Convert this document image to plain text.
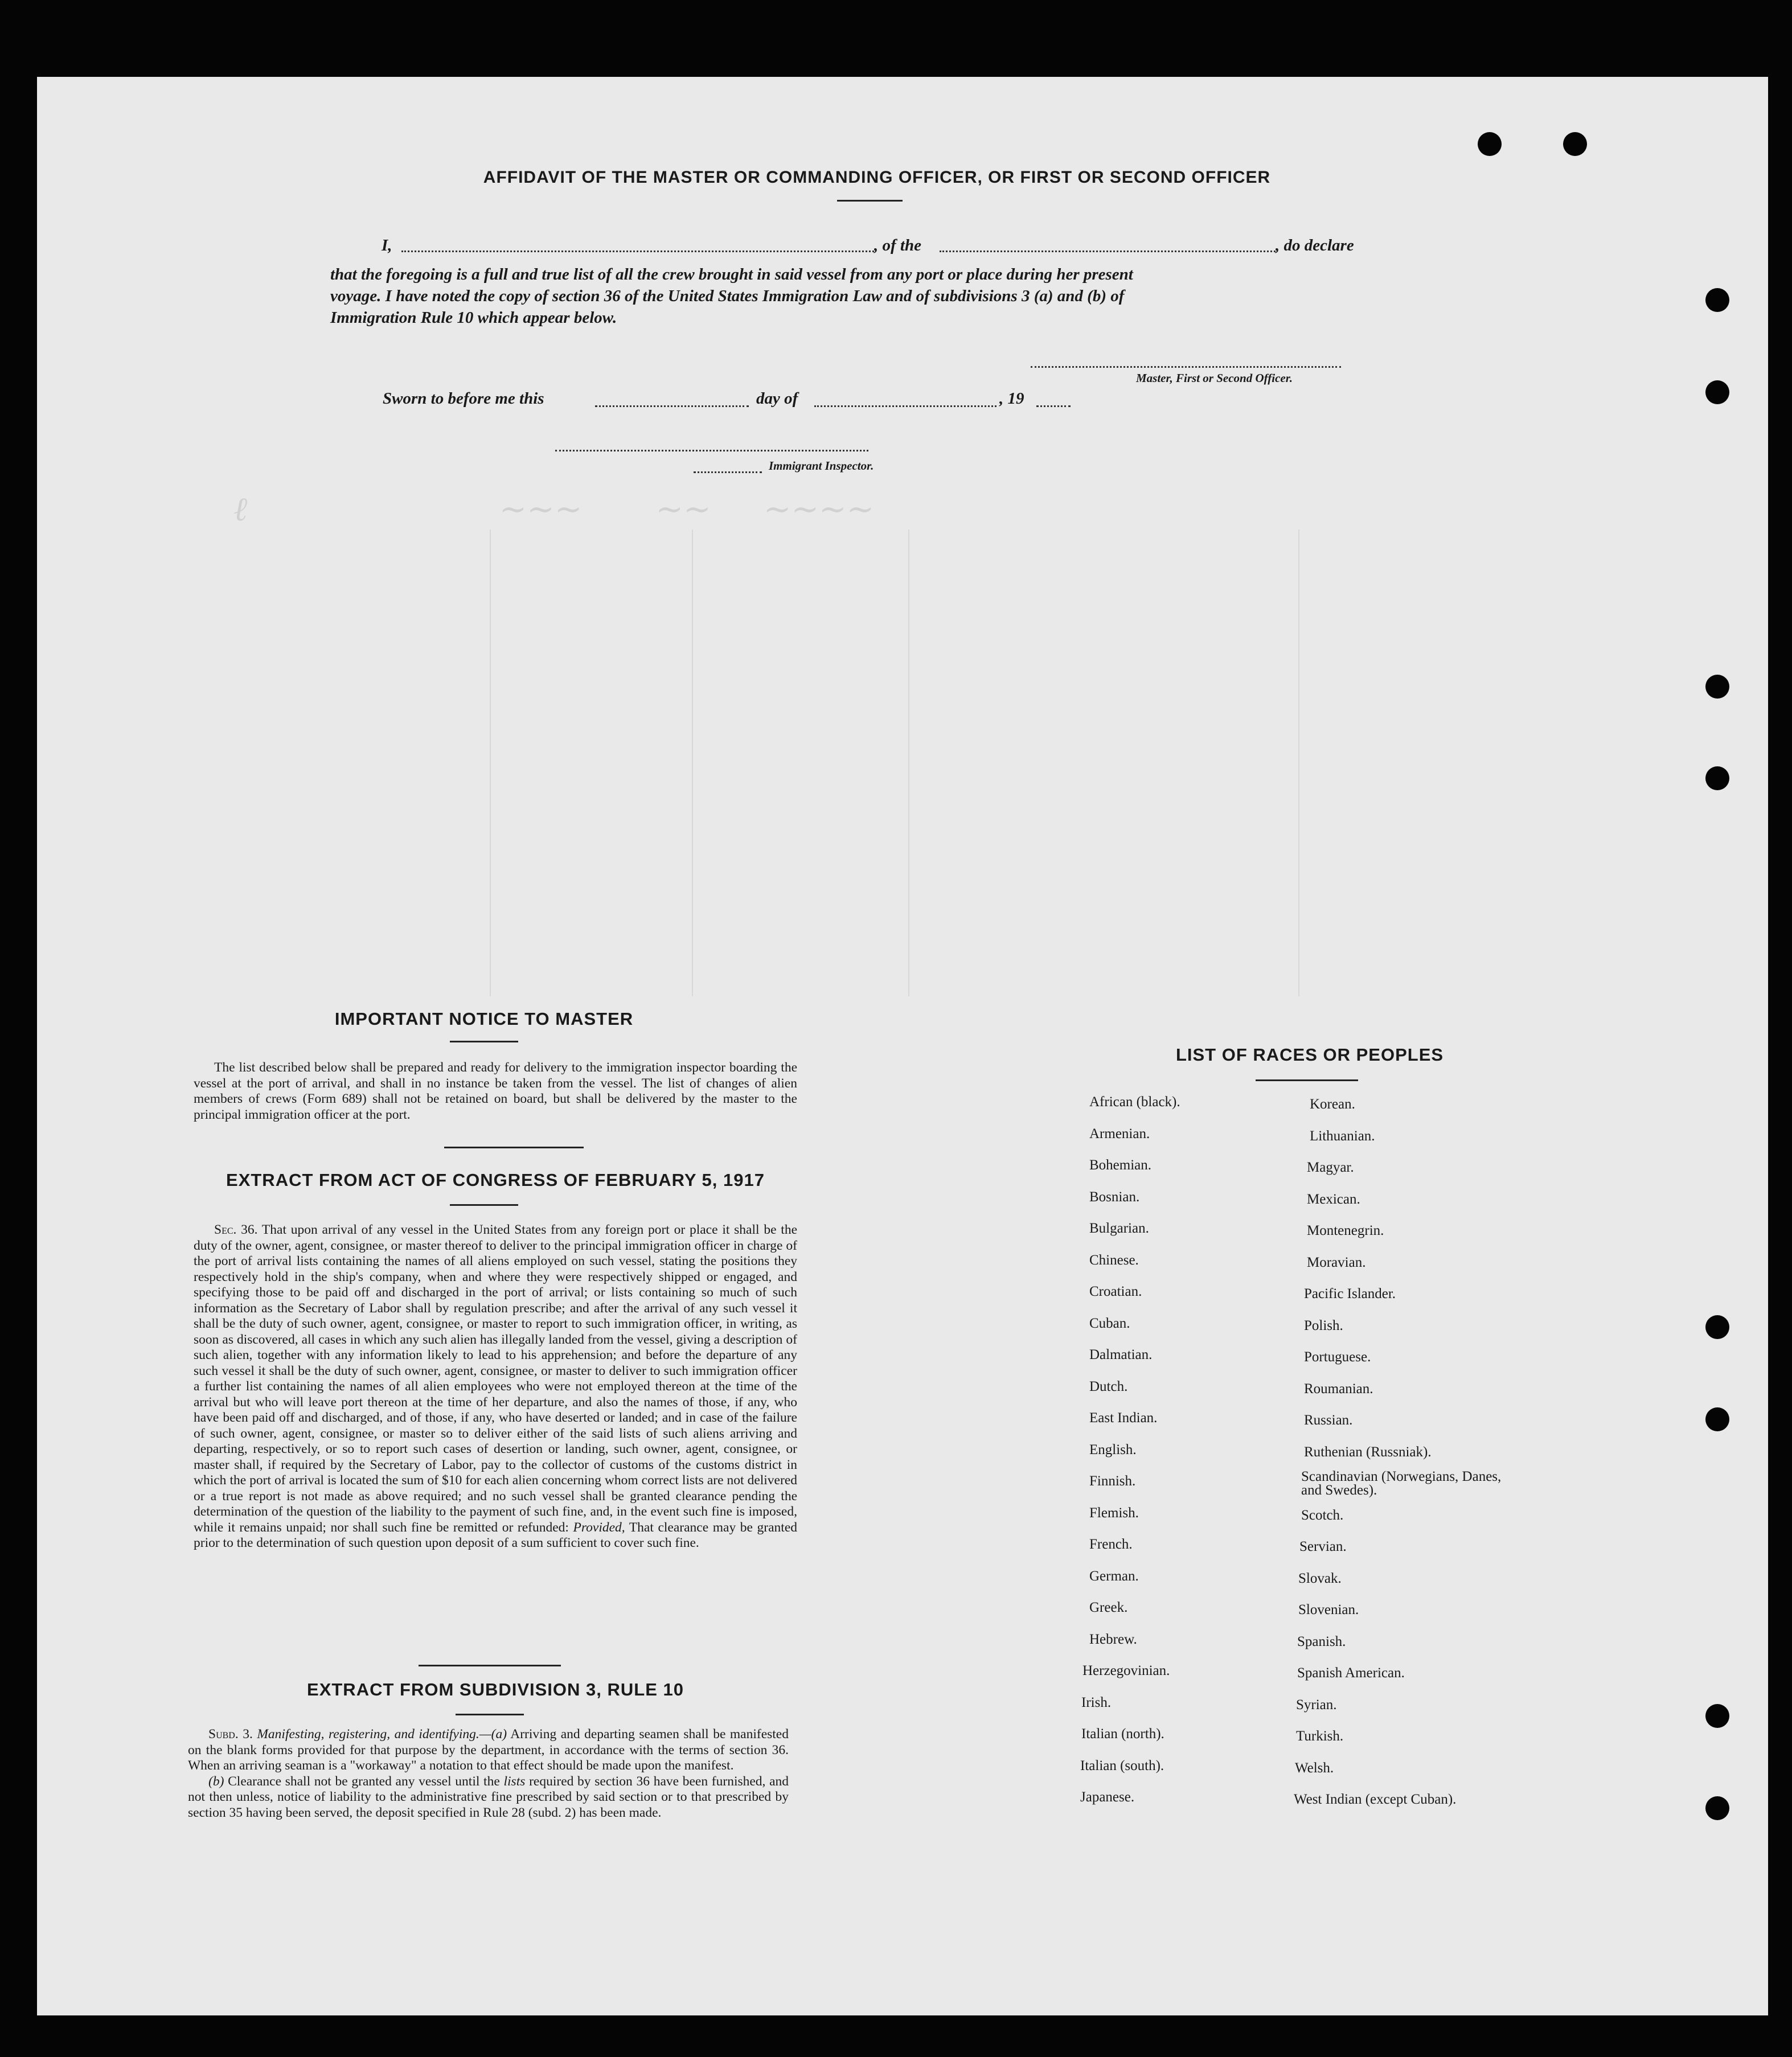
ℓ                        ~~~       ~~     ~~~~
AFFIDAVIT OF THE MASTER OR COMMANDING OFFICER, OR FIRST OR SECOND OFFICER
I,	, of the	, do declare
that the foregoing is a full and true list of all the crew brought in said vessel from any port or place during her present
voyage. I have noted the copy of section 36 of the United States Immigration Law and of subdivisions 3 (a) and (b) of
Immigration Rule 10 which appear below.
Master, First or Second Officer.
Sworn to before me this	day of	, 19
Immigrant Inspector.
IMPORTANT NOTICE TO MASTER

The list described below shall be prepared and ready for delivery to the immigration inspector boarding the vessel at the port of arrival, and shall in no instance be taken from the vessel. The list of changes of alien members of crews (Form 689) shall not be retained on board, but shall be delivered by the master to the principal immigration officer at the port.

EXTRACT FROM ACT OF CONGRESS OF FEBRUARY 5, 1917

Sec. 36. That upon arrival of any vessel in the United States from any foreign port or place it shall be the duty of the owner, agent, consignee, or master thereof to deliver to the principal immigration officer in charge of the port of arrival lists containing the names of all aliens employed on such vessel, stating the positions they respectively hold in the ship's company, when and where they were respectively shipped or engaged, and specifying those to be paid off and discharged in the port of arrival; or lists containing so much of such information as the Secretary of Labor shall by regulation prescribe; and after the arrival of any such vessel it shall be the duty of such owner, agent, consignee, or master to report to such immigration officer, in writing, as soon as discovered, all cases in which any such alien has illegally landed from the vessel, giving a description of such alien, together with any information likely to lead to his apprehension; and before the departure of any such vessel it shall be the duty of such owner, agent, consignee, or master to deliver to such immigration officer a further list containing the names of all alien employees who were not employed thereon at the time of the arrival but who will leave port thereon at the time of her departure, and also the names of those, if any, who have been paid off and discharged, and of those, if any, who have deserted or landed; and in case of the failure of such owner, agent, consignee, or master so to deliver either of the said lists of such aliens arriving and departing, respectively, or so to report such cases of desertion or landing, such owner, agent, consignee, or master shall, if required by the Secretary of Labor, pay to the collector of customs of the customs district in which the port of arrival is located the sum of $10 for each alien concerning whom correct lists are not delivered or a true report is not made as above required; and no such vessel shall be granted clearance pending the determination of the question of the liability to the payment of such fine, and, in the event such fine is imposed, while it remains unpaid; nor shall such fine be remitted or refunded: Provided, That clearance may be granted prior to the determination of such question upon deposit of a sum sufficient to cover such fine.

EXTRACT FROM SUBDIVISION 3, RULE 10

Subd. 3. Manifesting, registering, and identifying.—(a) Arriving and departing seamen shall be manifested on the blank forms provided for that purpose by the department, in accordance with the terms of section 36. When an arriving seaman is a "workaway" a notation to that effect should be made upon the manifest.

(b) Clearance shall not be granted any vessel until the lists required by section 36 have been furnished, and not then unless, notice of liability to the administrative fine prescribed by said section or to that prescribed by section 35 having been served, the deposit specified in Rule 28 (subd. 2) has been made.

LIST OF RACES OR PEOPLES
African (black).
Armenian.
Bohemian.
Bosnian.
Bulgarian.
Chinese.
Croatian.
Cuban.
Dalmatian.
Dutch.
East Indian.
English.
Finnish.
Flemish.
French.
German.
Greek.
Hebrew.
Herzegovinian.
Irish.
Italian (north).
Italian (south).
Japanese.
Korean.
Lithuanian.
Magyar.
Mexican.
Montenegrin.
Moravian.
Pacific Islander.
Polish.
Portuguese.
Roumanian.
Russian.
Ruthenian (Russniak).
Scandinavian (Norwegians, Danes, and Swedes).
Scotch.
Servian.
Slovak.
Slovenian.
Spanish.
Spanish American.
Syrian.
Turkish.
Welsh.
West Indian (except Cuban).
